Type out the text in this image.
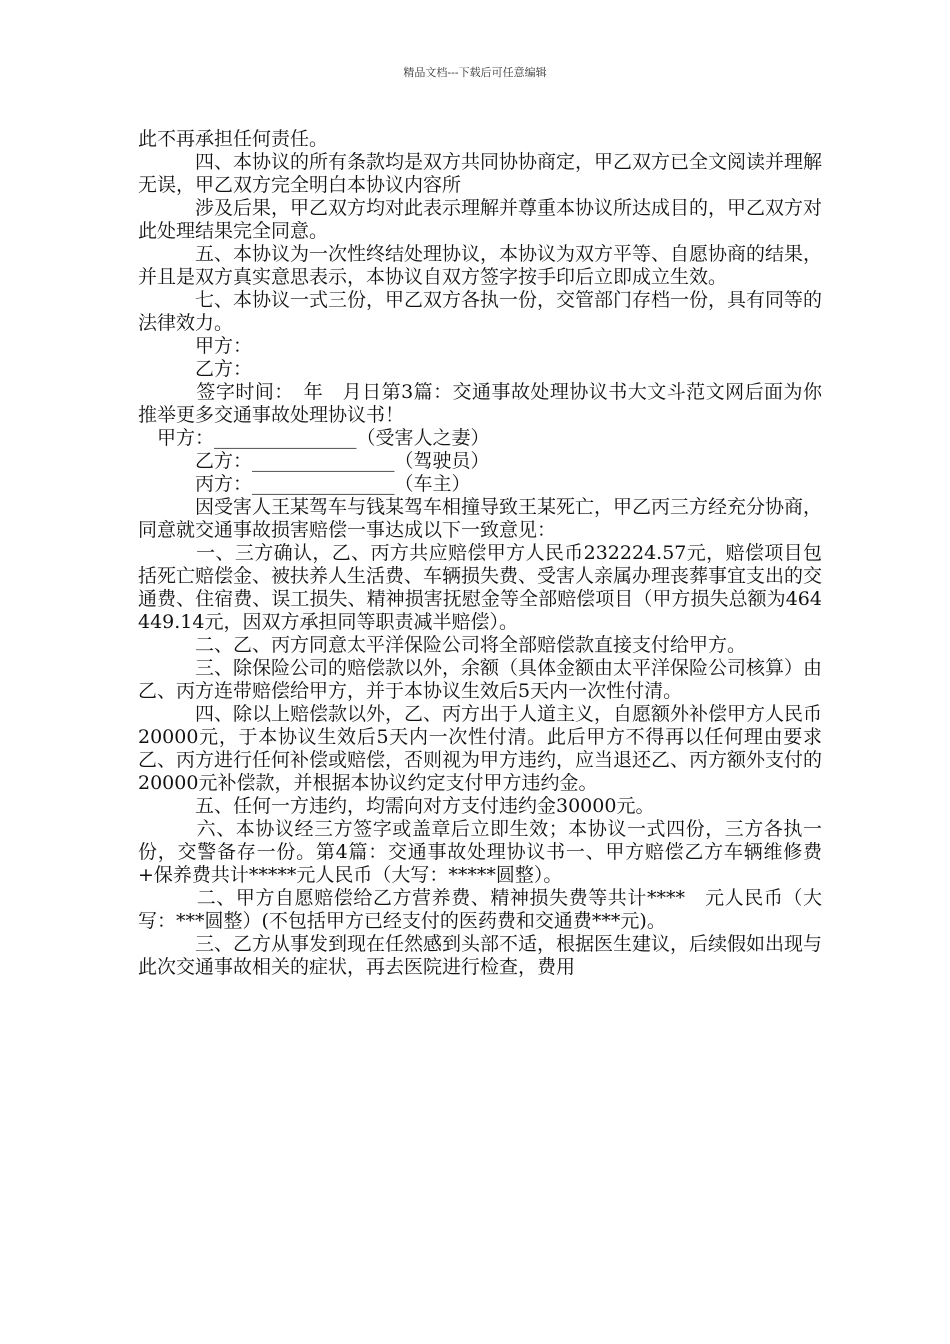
精品文档---下载后可任意编辑

此不再承担任何责任。

　　　四、本协议的所有条款均是双方共同协协商定，甲乙双方已全文阅读并理解无误，甲乙双方完全明白本协议内容所

　　　涉及后果，甲乙双方均对此表示理解并尊重本协议所达成目的，甲乙双方对此处理结果完全同意。

　　　五、本协议为一次性终结处理协议，本协议为双方平等、自愿协商的结果，并且是双方真实意思表示，本协议自双方签字按手印后立即成立生效。

　　　七、本协议一式三份，甲乙双方各执一份，交管部门存档一份，具有同等的法律效力。

　　　甲方：

　　　乙方：

　　　签字时间：　年　月日第3篇：交通事故处理协议书大文斗范文网后面为你推举更多交通事故处理协议书！

　甲方：_______________（受害人之妻）

　　　乙方：_______________（驾驶员）

　　　丙方：_______________（车主）

　　　因受害人王某驾车与钱某驾车相撞导致王某死亡，甲乙丙三方经充分协商，同意就交通事故损害赔偿一事达成以下一致意见：

　　　一、三方确认，乙、丙方共应赔偿甲方人民币232224.57元，赔偿项目包括死亡赔偿金、被扶养人生活费、车辆损失费、受害人亲属办理丧葬事宜支出的交通费、住宿费、误工损失、精神损害抚慰金等全部赔偿项目（甲方损失总额为464449.14元，因双方承担同等职责减半赔偿）。

　　　二、乙、丙方同意太平洋保险公司将全部赔偿款直接支付给甲方。

　　　三、除保险公司的赔偿款以外，余额（具体金额由太平洋保险公司核算）由乙、丙方连带赔偿给甲方，并于本协议生效后5天内一次性付清。

　　　四、除以上赔偿款以外，乙、丙方出于人道主义，自愿额外补偿甲方人民币20000元，于本协议生效后5天内一次性付清。此后甲方不得再以任何理由要求乙、丙方进行任何补偿或赔偿，否则视为甲方违约，应当退还乙、丙方额外支付的20000元补偿款，并根据本协议约定支付甲方违约金。

　　　五、任何一方违约，均需向对方支付违约金30000元。

　　　六、本协议经三方签字或盖章后立即生效；本协议一式四份，三方各执一份，交警备存一份。第4篇：交通事故处理协议书一、甲方赔偿乙方车辆维修费+保养费共计*****元人民币（大写：*****圆整）。

　　　二、甲方自愿赔偿给乙方营养费、精神损失费等共计****　元人民币（大写：***圆整）(不包括甲方已经支付的医药费和交通费***元)。

　　　三、乙方从事发到现在任然感到头部不适，根据医生建议，后续假如出现与此次交通事故相关的症状，再去医院进行检查，费用
